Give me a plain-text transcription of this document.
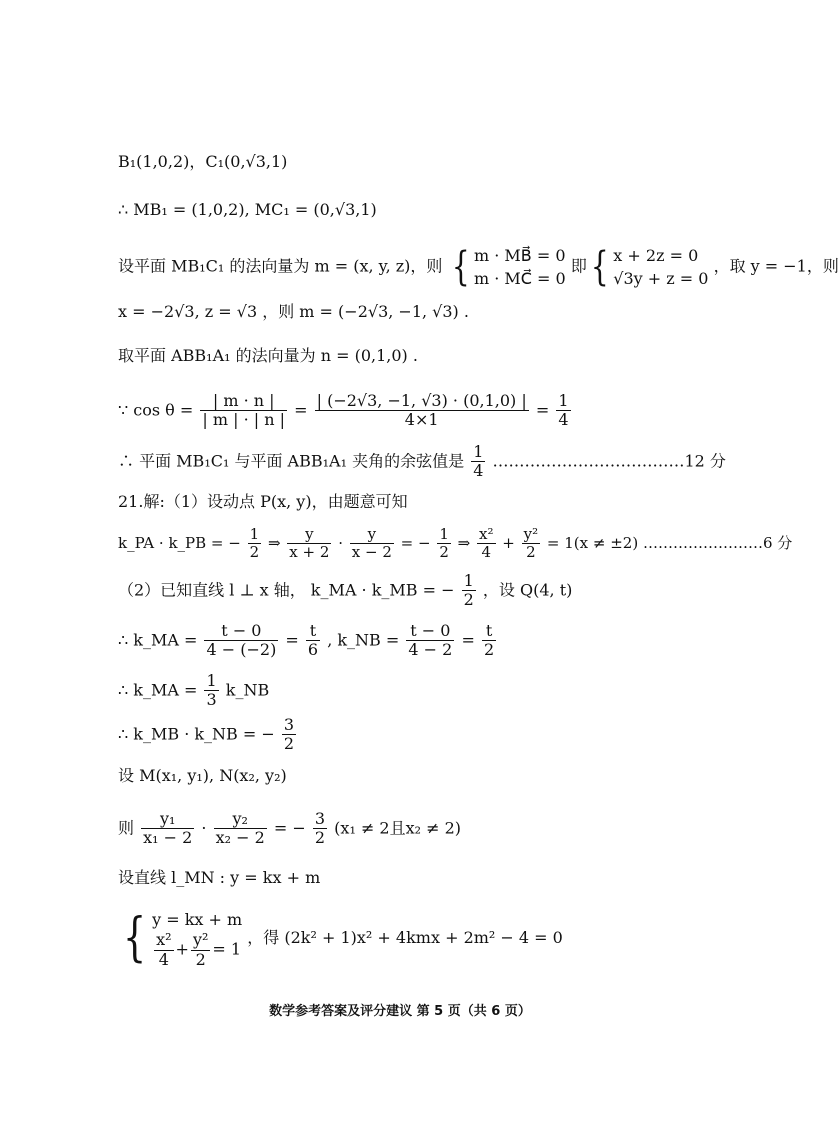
B₁(1,0,2)，C₁(0,√3,1)
∴ MB₁ = (1,0,2), MC₁ = (0,√3,1)
设平面 MB₁C₁ 的法向量为 m = (x, y, z)，则 { m · MB⃗ = 0
m · MC⃗ = 0
即{ x + 2z = 0
√3y + z = 0
，取 y = −1，则
x = −2√3, z = √3 ，则 m = (−2√3, −1, √3) .
取平面 ABB₁A₁ 的法向量为 n = (0,1,0) .
∵ $\cos \theta = \frac{| m \cdot n |}{| m | \cdot | n |} = \frac{| (-2√3, -1, √3) \cdot (0,1,0) |}{4\times 1} = \frac{1}{4}$
∴ 平面 MB₁C₁ 与平面 ABB₁A₁ 夹角的余弦值是 $\frac{1}{4}$ ………………………………12 分
21.解:（1）设动点 P(x, y)，由题意可知
k_PA · k_PB = − $\frac{1}{2}$ ⇒ $\frac{y}{x + 2} \cdot \frac{y}{x - 2}$ = − $\frac{1}{2}$ ⇒ $\frac{\text{x²}}{4} + \frac{\text{y²}}{2} = 1(x \ne \pm 2)$ ……………………6 分
（2）已知直线 l ⊥ x 轴， k_MA · k_MB = − $\frac{1}{2}$ ，设 Q(4, t)
∴ k_MA = $\frac{t - 0}{4 - (-2)} = \frac{t}{6}$ , k_NB = $\frac{t - 0}{4 - 2} = \frac{t}{2}$
∴ k_MA = $\frac{1}{3}$ k_NB
∴ k_MB · k_NB = − $\frac{3}{2}$
设 M(x₁, y₁), N(x₂, y₂)
则 $\frac{\text{y₁}}{\text{x₁ − 2}} \cdot \frac{\text{y₂}}{\text{x₂ − 2}}$ = − $\frac{3}{2} (x_1 \ne 2$且x₂ ≠ 2)
设直线 l_MN : y = kx + m
{ y = kx + m
$\frac{\text{x²}}{4} + \frac{\text{y²}}{2} = 1$
，得 (2k² + 1)x² + 4kmx + 2m² − 4 = 0
数学参考答案及评分建议 第 5 页（共 6 页）
